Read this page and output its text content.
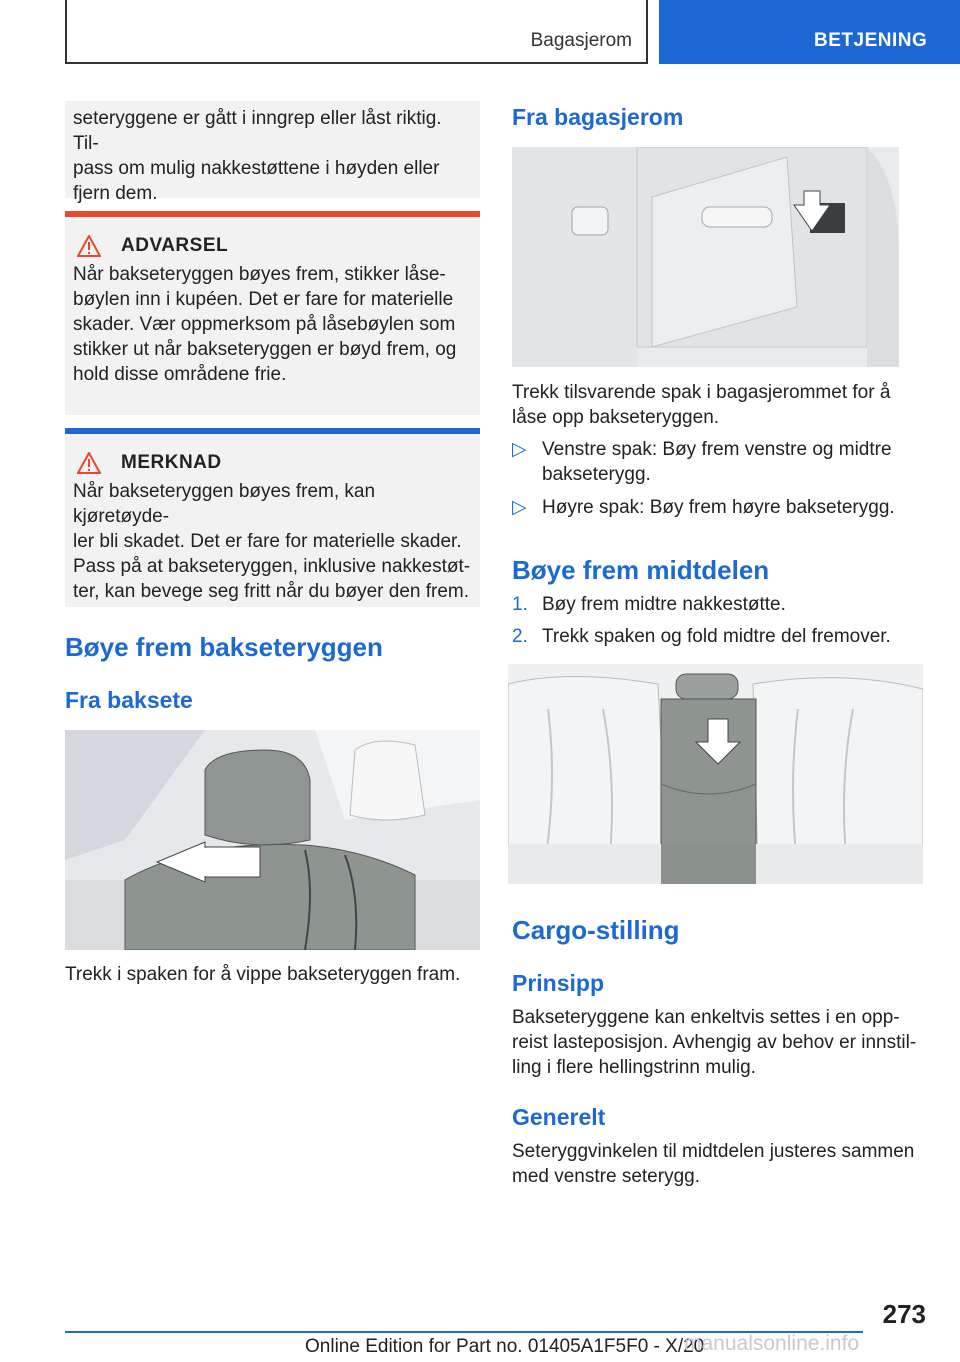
Bagasjerom	BETJENING

seteryggene er gått i inngrep eller låst riktig. Til-
pass om mulig nakkestøttene i høyden eller
fjern dem.

ADVARSEL

Når bakseteryggen bøyes frem, stikker låse-
bøylen inn i kupéen. Det er fare for materielle
skader. Vær oppmerksom på låsebøylen som
stikker ut når bakseteryggen er bøyd frem, og
hold disse områdene frie.

MERKNAD

Når bakseteryggen bøyes frem, kan kjøretøyde-
ler bli skadet. Det er fare for materielle skader.
Pass på at bakseteryggen, inklusive nakkestøt-
ter, kan bevege seg fritt når du bøyer den frem.

Bøye frem bakseteryggen
Fra baksete

Trekk i spaken for å vippe bakseteryggen fram.

Fra bagasjerom

Trekk tilsvarende spak i bagasjerommet for å
låse opp bakseteryggen.

▷ Venstre spak: Bøy frem venstre og midtre
bakseterygg.
▷ Høyre spak: Bøy frem høyre bakseterygg.
Bøye frem midtdelen
1. Bøy frem midtre nakkestøtte.
2. Trekk spaken og fold midtre del fremover.
Cargo-stilling
Prinsipp

Bakseteryggene kan enkeltvis settes i en opp-
reist lasteposisjon. Avhengig av behov er innstil-
ling i flere hellingstrinn mulig.

Generelt

Seteryggvinkelen til midtdelen justeres sammen
med venstre seterygg.

273
Online Edition for Part no. 01405A1F5F0 - X/20
manualsonline.info
